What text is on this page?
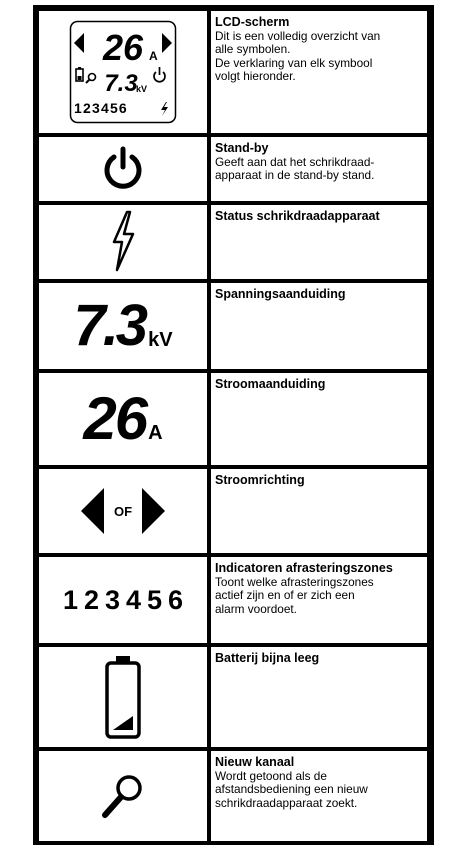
26 A
7.3
kV
123456
LCD-scherm
Dit is een volledig overzicht van
alle symbolen.
De verklaring van elk symbool
volgt hieronder.
Stand-by
Geeft aan dat het schrikdraad-
apparaat in de stand-by stand.
Status schrikdraadapparaat
7.3 kV
Spanningsaanduiding
26 A
Stroomaanduiding
OF
Stroomrichting
123456
Indicatoren afrasteringszones
Toont welke afrasteringszones
actief zijn en of er zich een
alarm voordoet.
Batterij bijna leeg
Nieuw kanaal
Wordt getoond als de
afstandsbediening een nieuw
schrikdraadapparaat zoekt.
